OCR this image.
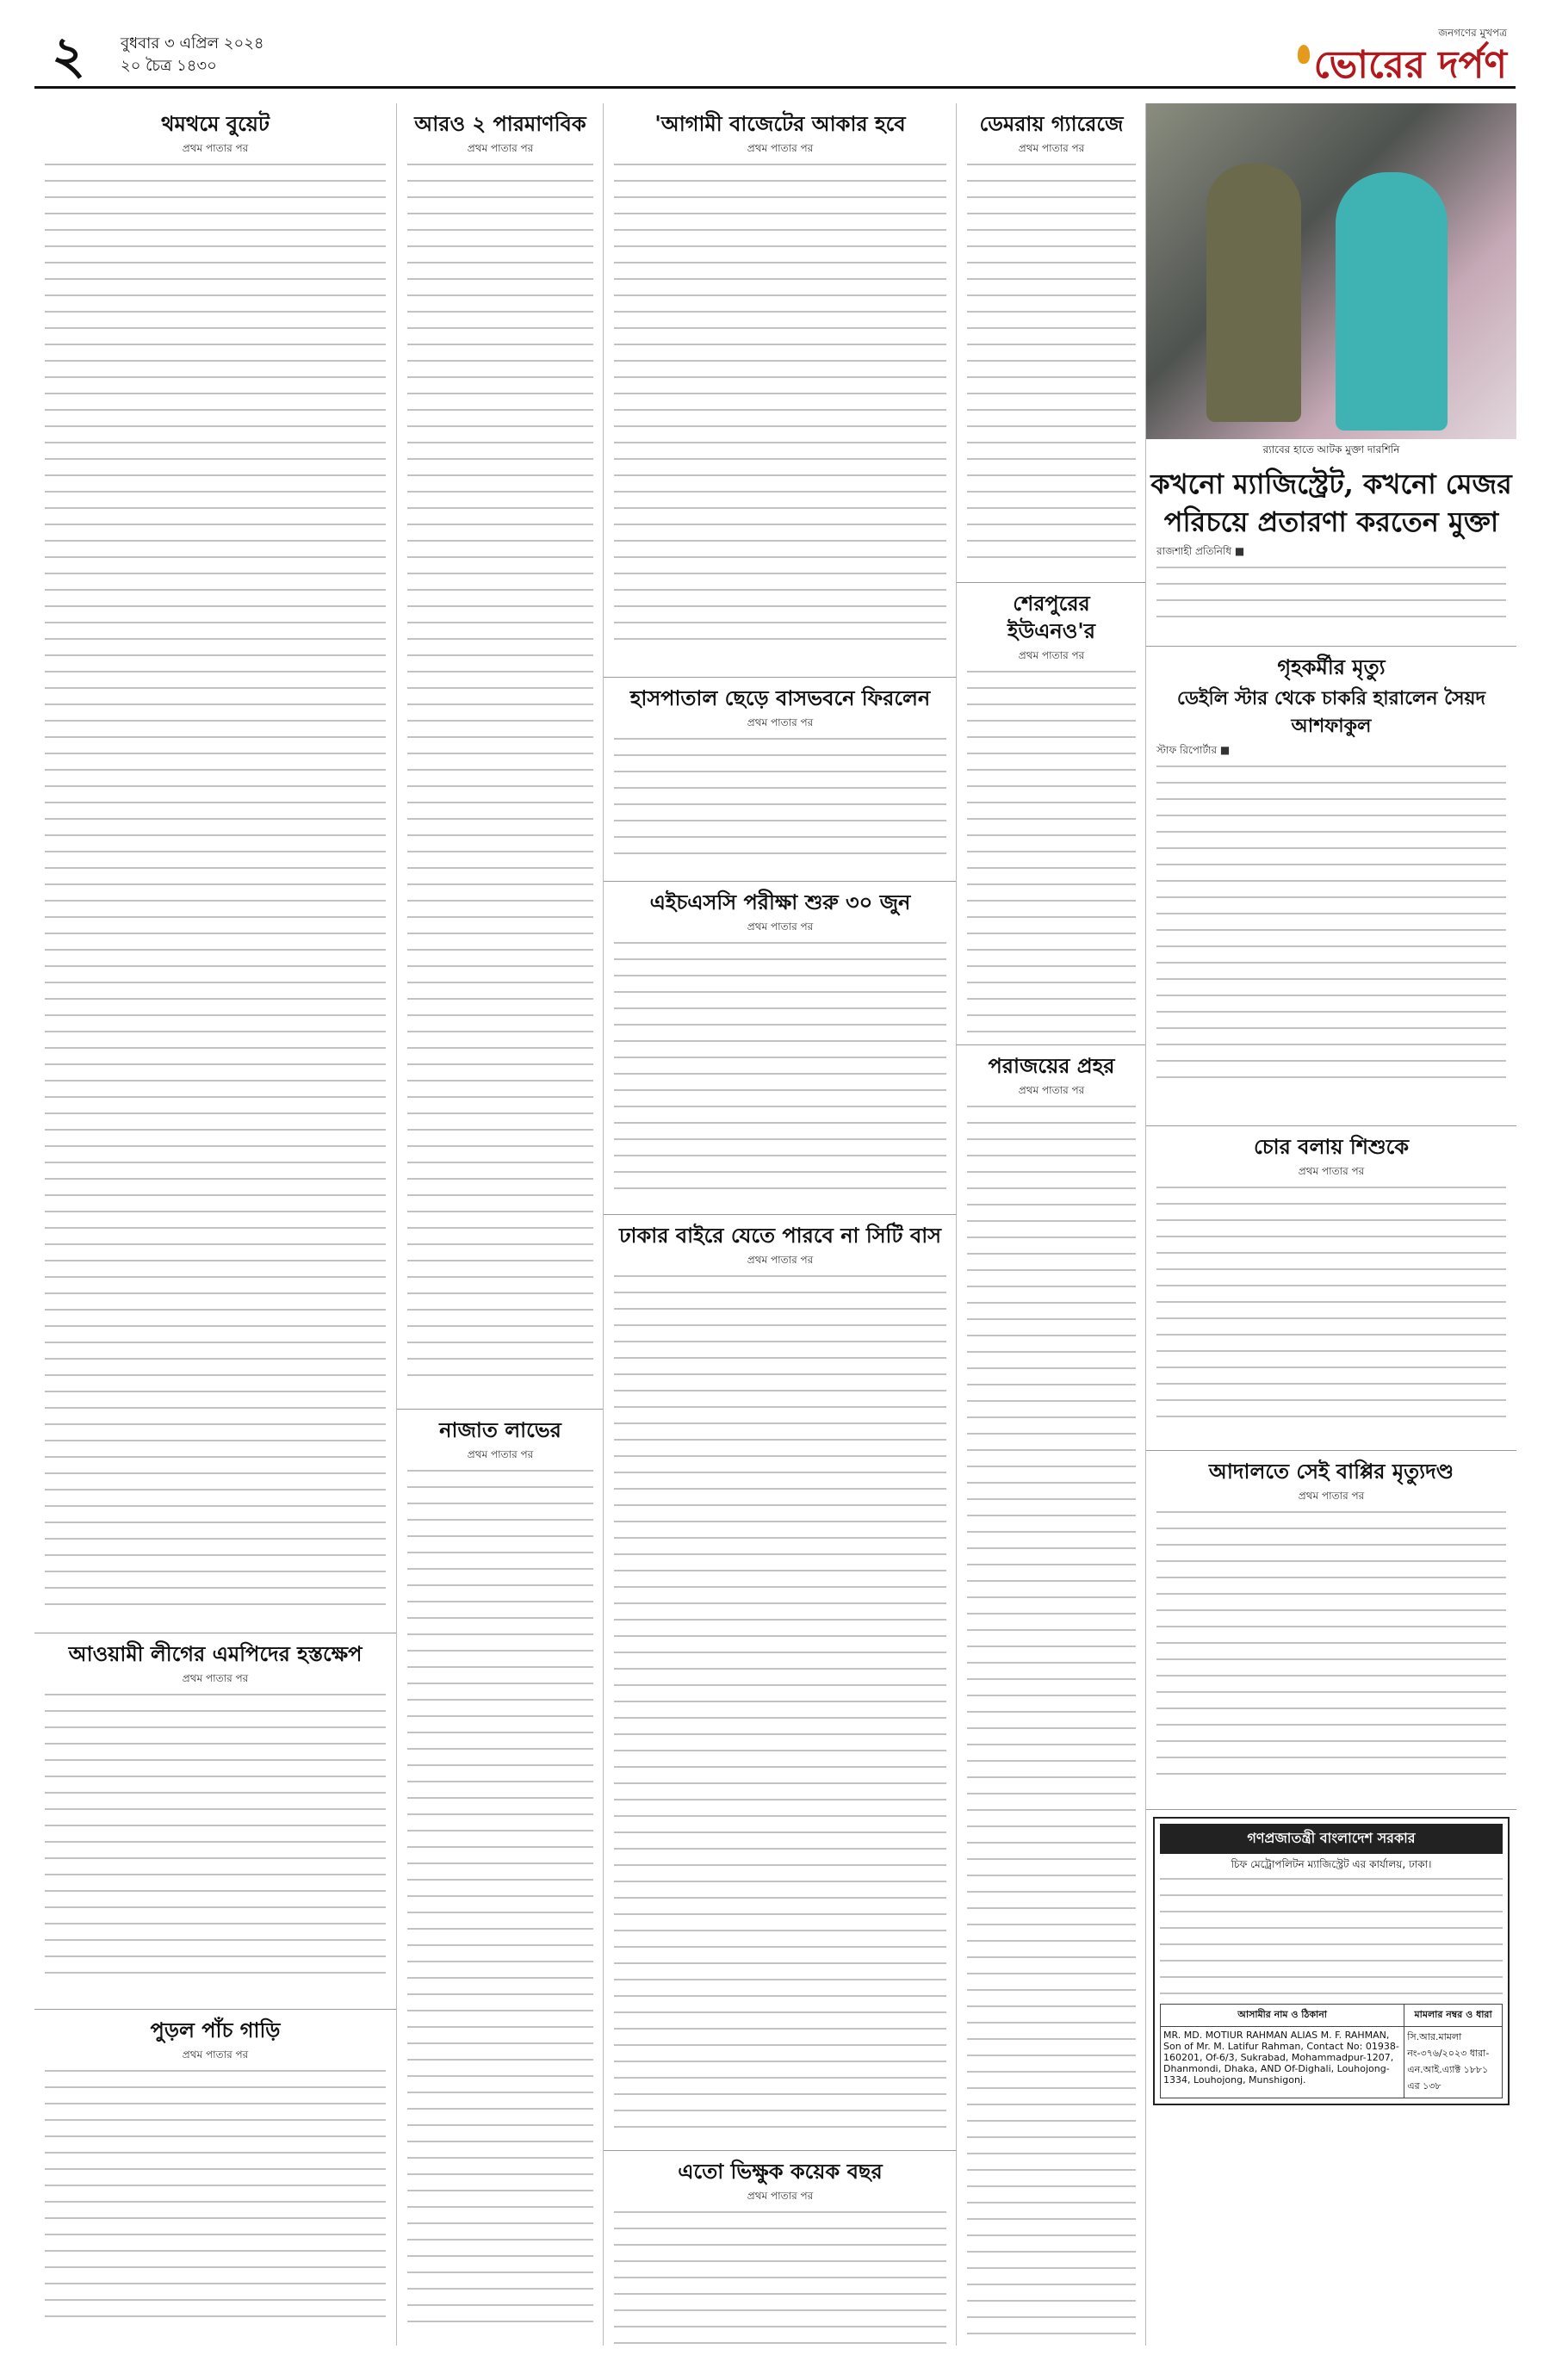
২ বুধবার ৩ এপ্রিল ২০২৪
২০ চৈত্র ১৪৩০
জনগণের মুখপত্র
ভোরের দর্পণ
থমথমে বুয়েট
প্রথম পাতার পর
আওয়ামী লীগের এমপিদের হস্তক্ষেপ
প্রথম পাতার পর
পুড়ল পাঁচ গাড়ি
প্রথম পাতার পর
আরও ২ পারমাণবিক
প্রথম পাতার পর
নাজাত লাভের
প্রথম পাতার পর
'আগামী বাজেটের আকার হবে
প্রথম পাতার পর
হাসপাতাল ছেড়ে বাসভবনে ফিরলেন
প্রথম পাতার পর
এইচএসসি পরীক্ষা শুরু ৩০ জুন
প্রথম পাতার পর
ঢাকার বাইরে যেতে পারবে না সিটি বাস
প্রথম পাতার পর
এতো ভিক্ষুক কয়েক বছর
প্রথম পাতার পর
ডেমরায় গ্যারেজে
প্রথম পাতার পর
শেরপুরের ইউএনও'র
প্রথম পাতার পর
পরাজয়ের প্রহর
প্রথম পাতার পর
র‍্যাবের হাতে আটক মুক্তা দারশিনি
কখনো ম্যাজিস্ট্রেট, কখনো মেজর পরিচয়ে প্রতারণা করতেন মুক্তা
রাজশাহী প্রতিনিধি ■
গৃহকর্মীর মৃত্যু
ডেইলি স্টার থেকে চাকরি হারালেন সৈয়দ আশফাকুল
স্টাফ রিপোর্টার ■
চোর বলায় শিশুকে
প্রথম পাতার পর
আদালতে সেই বাপ্পির মৃত্যুদণ্ড
প্রথম পাতার পর
গণপ্রজাতন্ত্রী বাংলাদেশ সরকার
চিফ মেট্রোপলিটন ম্যাজিস্ট্রেট এর কার্যালয়, ঢাকা।
আসামীর নাম ও ঠিকানা	মামলার নম্বর ও ধারা
MR. MD. MOTIUR RAHMAN ALIAS M. F. RAHMAN, Son of Mr. M. Latifur Rahman, Contact No: 01938-160201, Of-6/3, Sukrabad, Mohammadpur-1207, Dhanmondi, Dhaka, AND Of-Dighali, Louhojong-1334, Louhojong, Munshigonj.	সি.আর.মামলা নং-৩৭৬/২০২৩ ধারা-এন.আই.এ্যাক্ট ১৮৮১ এর ১৩৮
